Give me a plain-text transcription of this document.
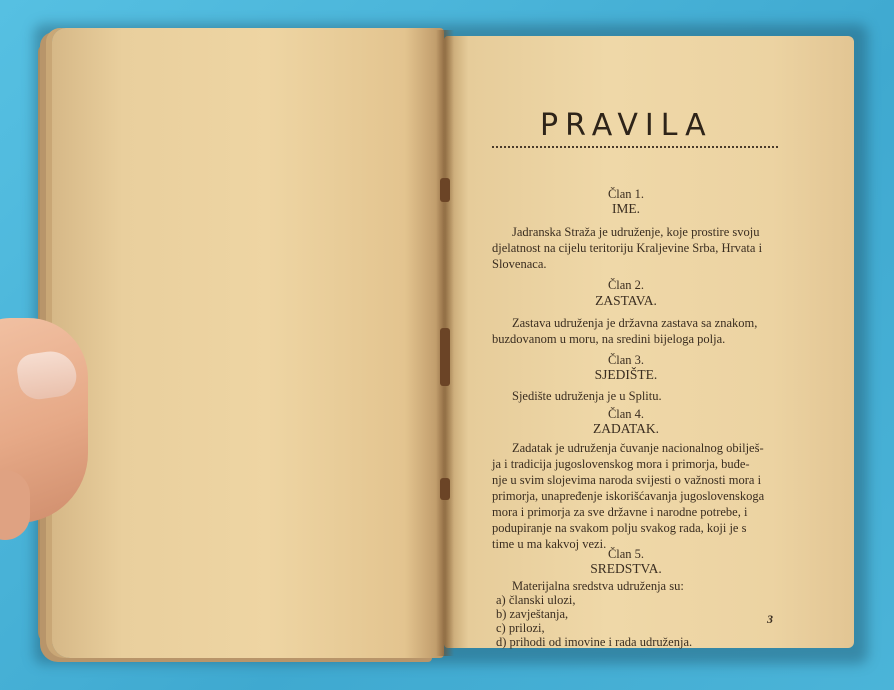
PRAVILA
Član 1.
IME.
Jadranska Straža je udruženje, koje prostire svoju
djelatnost na cijelu teritoriju Kraljevine Srba, Hrvata i
Slovenaca.
Član 2.
ZASTAVA.
Zastava udruženja je državna zastava sa znakom,
buzdovanom u moru, na sredini bijeloga polja.
Član 3.
SJEDIŠTE.
Sjedište udruženja je u Splitu.
Član 4.
ZADATAK.
Zadatak je udruženja čuvanje nacionalnog obilješ-
ja i tradicija jugoslovenskog mora i primorja, buđe-
nje u svim slojevima naroda svijesti o važnosti mora i
primorja, unapređenje iskorišćavanja jugoslovenskoga
mora i primorja za sve državne i narodne potrebe, i
podupiranje na svakom polju svakog rada, koji je s
time u ma kakvoj vezi.
Član 5.
SREDSTVA.
Materijalna sredstva udruženja su:
a) članski ulozi,
b) zavještanja,
c) prilozi,
d) prihodi od imovine i rada udruženja.
3
